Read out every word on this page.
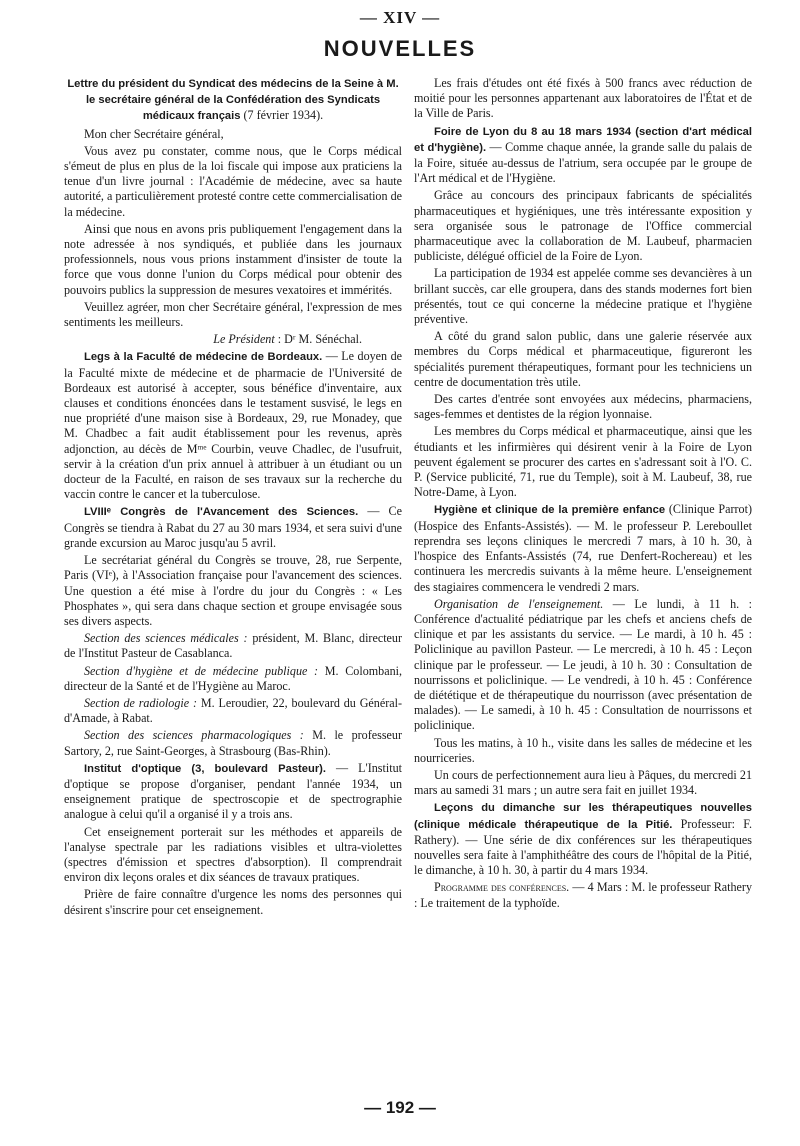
— XIV —
NOUVELLES

Lettre du président du Syndicat des médecins de la Seine à M. le secrétaire général de la Confédération des Syndicats médicaux français (7 février 1934).

Mon cher Secrétaire général,

Vous avez pu constater, comme nous, que le Corps médical s'émeut de plus en plus de la loi fiscale qui impose aux praticiens la tenue d'un livre journal : l'Académie de médecine, avec sa haute autorité, a particulièrement protesté contre cette commercialisation de la médecine.

Ainsi que nous en avons pris publiquement l'engagement dans la note adressée à nos syndiqués, et publiée dans les journaux professionnels, nous vous prions instamment d'insister de toute la force que vous donne l'union du Corps médical pour obtenir des pouvoirs publics la suppression de mesures vexatoires et immérités.

Veuillez agréer, mon cher Secrétaire général, l'expression de mes sentiments les meilleurs.

Le Président : Dʳ M. Sénéchal.

Legs à la Faculté de médecine de Bordeaux. — Le doyen de la Faculté mixte de médecine et de pharmacie de l'Université de Bordeaux est autorisé à accepter, sous bénéfice d'inventaire, aux clauses et conditions énoncées dans le testament susvisé, le legs en nue propriété d'une maison sise à Bordeaux, 29, rue Monadey, que M. Chadbec a fait audit établissement pour les revenus, après adjonction, au décès de Mᵐᵉ Courbin, veuve Chadlec, de l'usufruit, servir à la création d'un prix annuel à attribuer à un étudiant ou un docteur de la Faculté, en raison de ses travaux sur la recherche du vaccin contre le cancer et la tuberculose.

LVIIIᵉ Congrès de l'Avancement des Sciences. — Ce Congrès se tiendra à Rabat du 27 au 30 mars 1934, et sera suivi d'une grande excursion au Maroc jusqu'au 5 avril.

Le secrétariat général du Congrès se trouve, 28, rue Serpente, Paris (VIᵉ), à l'Association française pour l'avancement des sciences. Une question a été mise à l'ordre du jour du Congrès : « Les Phosphates », qui sera dans chaque section et groupe envisagée sous ses divers aspects.

Section des sciences médicales : président, M. Blanc, directeur de l'Institut Pasteur de Casablanca.

Section d'hygiène et de médecine publique : M. Colombani, directeur de la Santé et de l'Hygiène au Maroc.

Section de radiologie : M. Leroudier, 22, boulevard du Général-d'Amade, à Rabat.

Section des sciences pharmacologiques : M. le professeur Sartory, 2, rue Saint-Georges, à Strasbourg (Bas-Rhin).

Institut d'optique (3, boulevard Pasteur). — L'Institut d'optique se propose d'organiser, pendant l'année 1934, un enseignement pratique de spectroscopie et de spectrographie analogue à celui qu'il a organisé il y a trois ans.

Cet enseignement porterait sur les méthodes et appareils de l'analyse spectrale par les radiations visibles et ultra-violettes (spectres d'émission et spectres d'absorption). Il comprendrait environ dix leçons orales et dix séances de travaux pratiques.

Prière de faire connaître d'urgence les noms des personnes qui désirent s'inscrire pour cet enseignement.

Les frais d'études ont été fixés à 500 francs avec réduction de moitié pour les personnes appartenant aux laboratoires de l'État et de la Ville de Paris.

Foire de Lyon du 8 au 18 mars 1934 (section d'art médical et d'hygiène). — Comme chaque année, la grande salle du palais de la Foire, située au-dessus de l'atrium, sera occupée par le groupe de l'Art médical et de l'Hygiène.

Grâce au concours des principaux fabricants de spécialités pharmaceutiques et hygiéniques, une très intéressante exposition y sera organisée sous le patronage de l'Office commercial pharmaceutique avec la collaboration de M. Laubeuf, pharmacien publiciste, délégué officiel de la Foire de Lyon.

La participation de 1934 est appelée comme ses devancières à un brillant succès, car elle groupera, dans des stands modernes fort bien présentés, tout ce qui concerne la médecine pratique et l'hygiène préventive.

A côté du grand salon public, dans une galerie réservée aux membres du Corps médical et pharmaceutique, figureront les spécialités purement thérapeutiques, formant pour les techniciens un centre de documentation très utile.

Des cartes d'entrée sont envoyées aux médecins, pharmaciens, sages-femmes et dentistes de la région lyonnaise.

Les membres du Corps médical et pharmaceutique, ainsi que les étudiants et les infirmières qui désirent venir à la Foire de Lyon peuvent également se procurer des cartes en s'adressant soit à l'O. C. P. (Service publicité, 71, rue du Temple), soit à M. Laubeuf, 38, rue Notre-Dame, à Lyon.

Hygiène et clinique de la première enfance (Clinique Parrot) (Hospice des Enfants-Assistés). — M. le professeur P. Lereboullet reprendra ses leçons cliniques le mercredi 7 mars, à 10 h. 30, à l'hospice des Enfants-Assistés (74, rue Denfert-Rochereau) et les continuera les mercredis suivants à la même heure. L'enseignement des stagiaires commencera le vendredi 2 mars.

Organisation de l'enseignement. — Le lundi, à 11 h. : Conférence d'actualité pédiatrique par les chefs et anciens chefs de clinique et par les assistants du service. — Le mardi, à 10 h. 45 : Policlinique au pavillon Pasteur. — Le mercredi, à 10 h. 45 : Leçon clinique par le professeur. — Le jeudi, à 10 h. 30 : Consultation de nourrissons et policlinique. — Le vendredi, à 10 h. 45 : Conférence de diététique et de thérapeutique du nourrisson (avec présentation de malades). — Le samedi, à 10 h. 45 : Consultation de nourrissons et policlinique.

Tous les matins, à 10 h., visite dans les salles de médecine et les nourriceries.

Un cours de perfectionnement aura lieu à Pâques, du mercredi 21 mars au samedi 31 mars ; un autre sera fait en juillet 1934.

Leçons du dimanche sur les thérapeutiques nouvelles (clinique médicale thérapeutique de la Pitié. Professeur: F. Rathery). — Une série de dix conférences sur les thérapeutiques nouvelles sera faite à l'amphithéâtre des cours de l'hôpital de la Pitié, le dimanche, à 10 h. 30, à partir du 4 mars 1934.

Programme des conférences. — 4 Mars : M. le professeur Rathery : Le traitement de la typhoïde.

— 192 —
